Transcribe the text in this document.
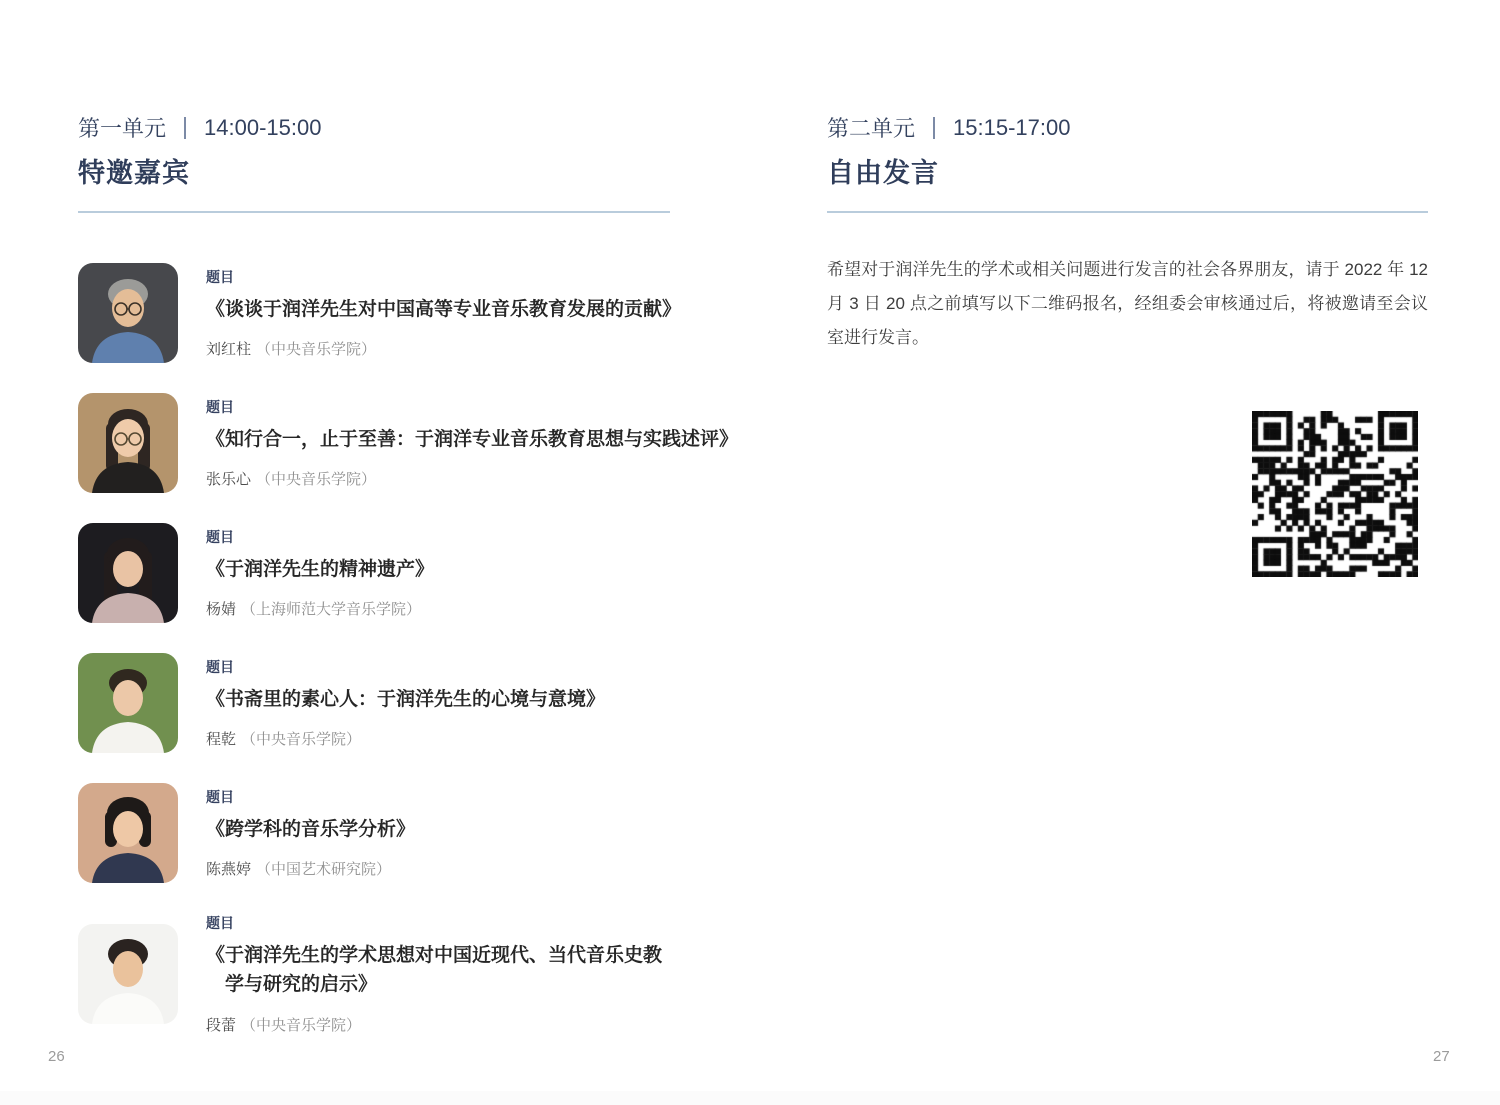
第一单元 14:00-15:00
特邀嘉宾
题目
《谈谈于润洋先生对中国高等专业音乐教育发展的贡献》
刘红柱 （中央音乐学院）
题目
《知行合一，止于至善：于润洋专业音乐教育思想与实践述评》
张乐心 （中央音乐学院）
题目
《于润洋先生的精神遗产》
杨婧 （上海师范大学音乐学院）
题目
《书斋里的素心人：于润洋先生的心境与意境》
程乾 （中央音乐学院）
题目
《跨学科的音乐学分析》
陈燕婷 （中国艺术研究院）
题目
《于润洋先生的学术思想对中国近现代、当代音乐史教学与研究的启示》
段蕾 （中央音乐学院）
第二单元 15:15-17:00
自由发言

希望对于润洋先生的学术或相关问题进行发言的社会各界朋友，请于 2022 年 12 月 3 日 20 点之前填写以下二维码报名，经组委会审核通过后，将被邀请至会议室进行发言。

26	27
